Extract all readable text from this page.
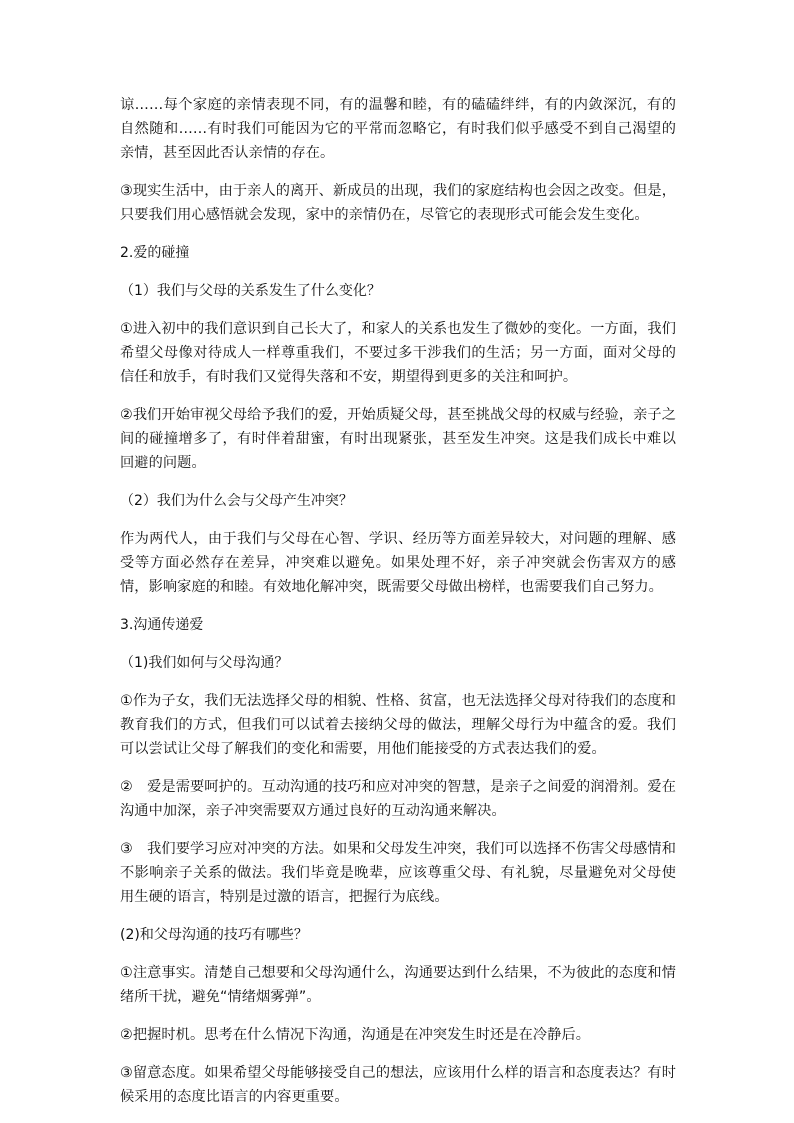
谅……每个家庭的亲情表现不同，有的温馨和睦，有的磕磕绊绊，有的内敛深沉，有的自然随和……有时我们可能因为它的平常而忽略它，有时我们似乎感受不到自己渴望的亲情，甚至因此否认亲情的存在。

③现实生活中，由于亲人的离开、新成员的出现，我们的家庭结构也会因之改变。但是，只要我们用心感悟就会发现，家中的亲情仍在，尽管它的表现形式可能会发生变化。

2.爱的碰撞

（1）我们与父母的关系发生了什么变化？

①进入初中的我们意识到自己长大了，和家人的关系也发生了微妙的变化。一方面，我们希望父母像对待成人一样尊重我们，不要过多干涉我们的生活；另一方面，面对父母的信任和放手，有时我们又觉得失落和不安，期望得到更多的关注和呵护。

②我们开始审视父母给予我们的爱，开始质疑父母，甚至挑战父母的权威与经验，亲子之间的碰撞增多了，有时伴着甜蜜，有时出现紧张，甚至发生冲突。这是我们成长中难以回避的问题。

（2）我们为什么会与父母产生冲突？

作为两代人，由于我们与父母在心智、学识、经历等方面差异较大，对问题的理解、感受等方面必然存在差异，冲突难以避免。如果处理不好，亲子冲突就会伤害双方的感情，影响家庭的和睦。有效地化解冲突，既需要父母做出榜样，也需要我们自己努力。

3.沟通传递爱

（1)我们如何与父母沟通？

①作为子女，我们无法选择父母的相貌、性格、贫富，也无法选择父母对待我们的态度和教育我们的方式，但我们可以试着去接纳父母的做法，理解父母行为中蕴含的爱。我们可以尝试让父母了解我们的变化和需要，用他们能接受的方式表达我们的爱。

②　爱是需要呵护的。互动沟通的技巧和应对冲突的智慧，是亲子之间爱的润滑剂。爱在沟通中加深，亲子冲突需要双方通过良好的互动沟通来解决。

③　我们要学习应对冲突的方法。如果和父母发生冲突，我们可以选择不伤害父母感情和不影响亲子关系的做法。我们毕竟是晚辈，应该尊重父母、有礼貌，尽量避免对父母使用生硬的语言，特别是过激的语言，把握行为底线。

(2)和父母沟通的技巧有哪些？

①注意事实。清楚自己想要和父母沟通什么，沟通要达到什么结果，不为彼此的态度和情绪所干扰，避免“情绪烟雾弹”。

②把握时机。思考在什么情况下沟通，沟通是在冲突发生时还是在冷静后。

③留意态度。如果希望父母能够接受自己的想法，应该用什么样的语言和态度表达？有时候采用的态度比语言的内容更重要。
